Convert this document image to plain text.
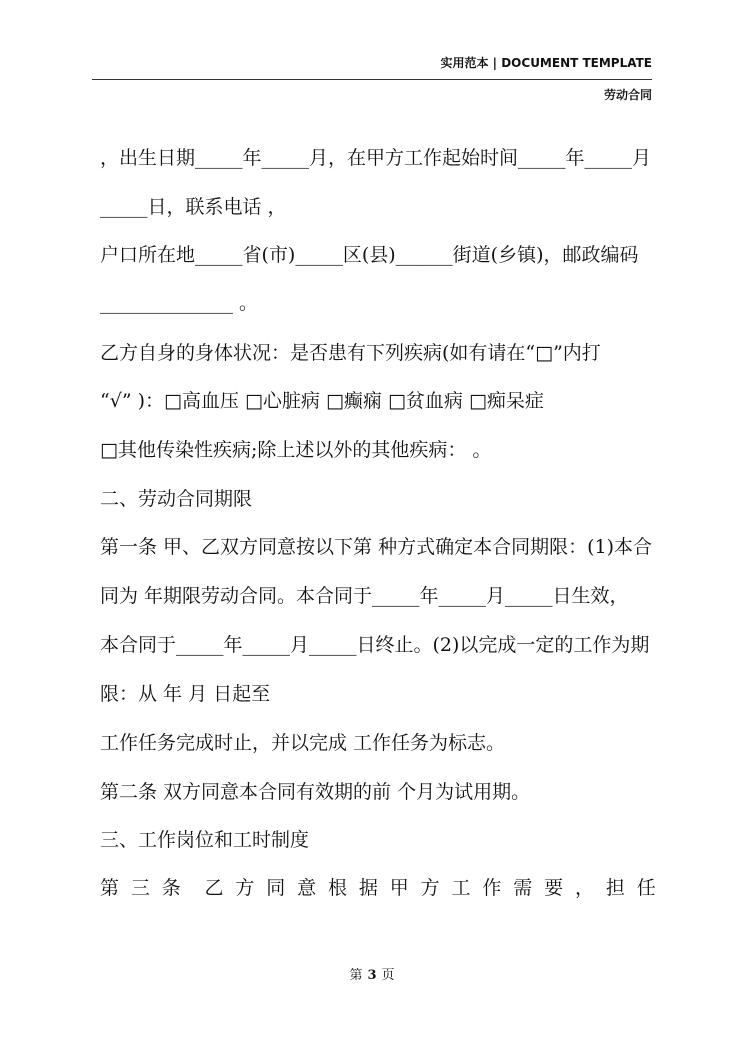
实用范本 | DOCUMENT TEMPLATE
劳动合同
，出生日期_____年_____月，在甲方工作起始时间_____年_____月
_____日，联系电话 ，
户口所在地_____省(市)_____区(县)______街道(乡镇)，邮政编码
______________ 。
乙方自身的身体状况：是否患有下列疾病(如有请在“□”内打
“√” )：□高血压 □心脏病 □癫痫 □贫血病 □痴呆症
□其他传染性疾病;除上述以外的其他疾病： 。
二、劳动合同期限
第一条 甲、乙双方同意按以下第 种方式确定本合同期限：(1)本合
同为 年期限劳动合同。本合同于_____年_____月_____日生效，
本合同于_____年_____月_____日终止。(2)以完成一定的工作为期
限：从 年 月 日起至
工作任务完成时止，并以完成 工作任务为标志。
第二条 双方同意本合同有效期的前 个月为试用期。
三、工作岗位和工时制度
第 三 条 乙 方 同 意 根 据 甲 方 工 作 需 要 ， 担 任
第 3 页
